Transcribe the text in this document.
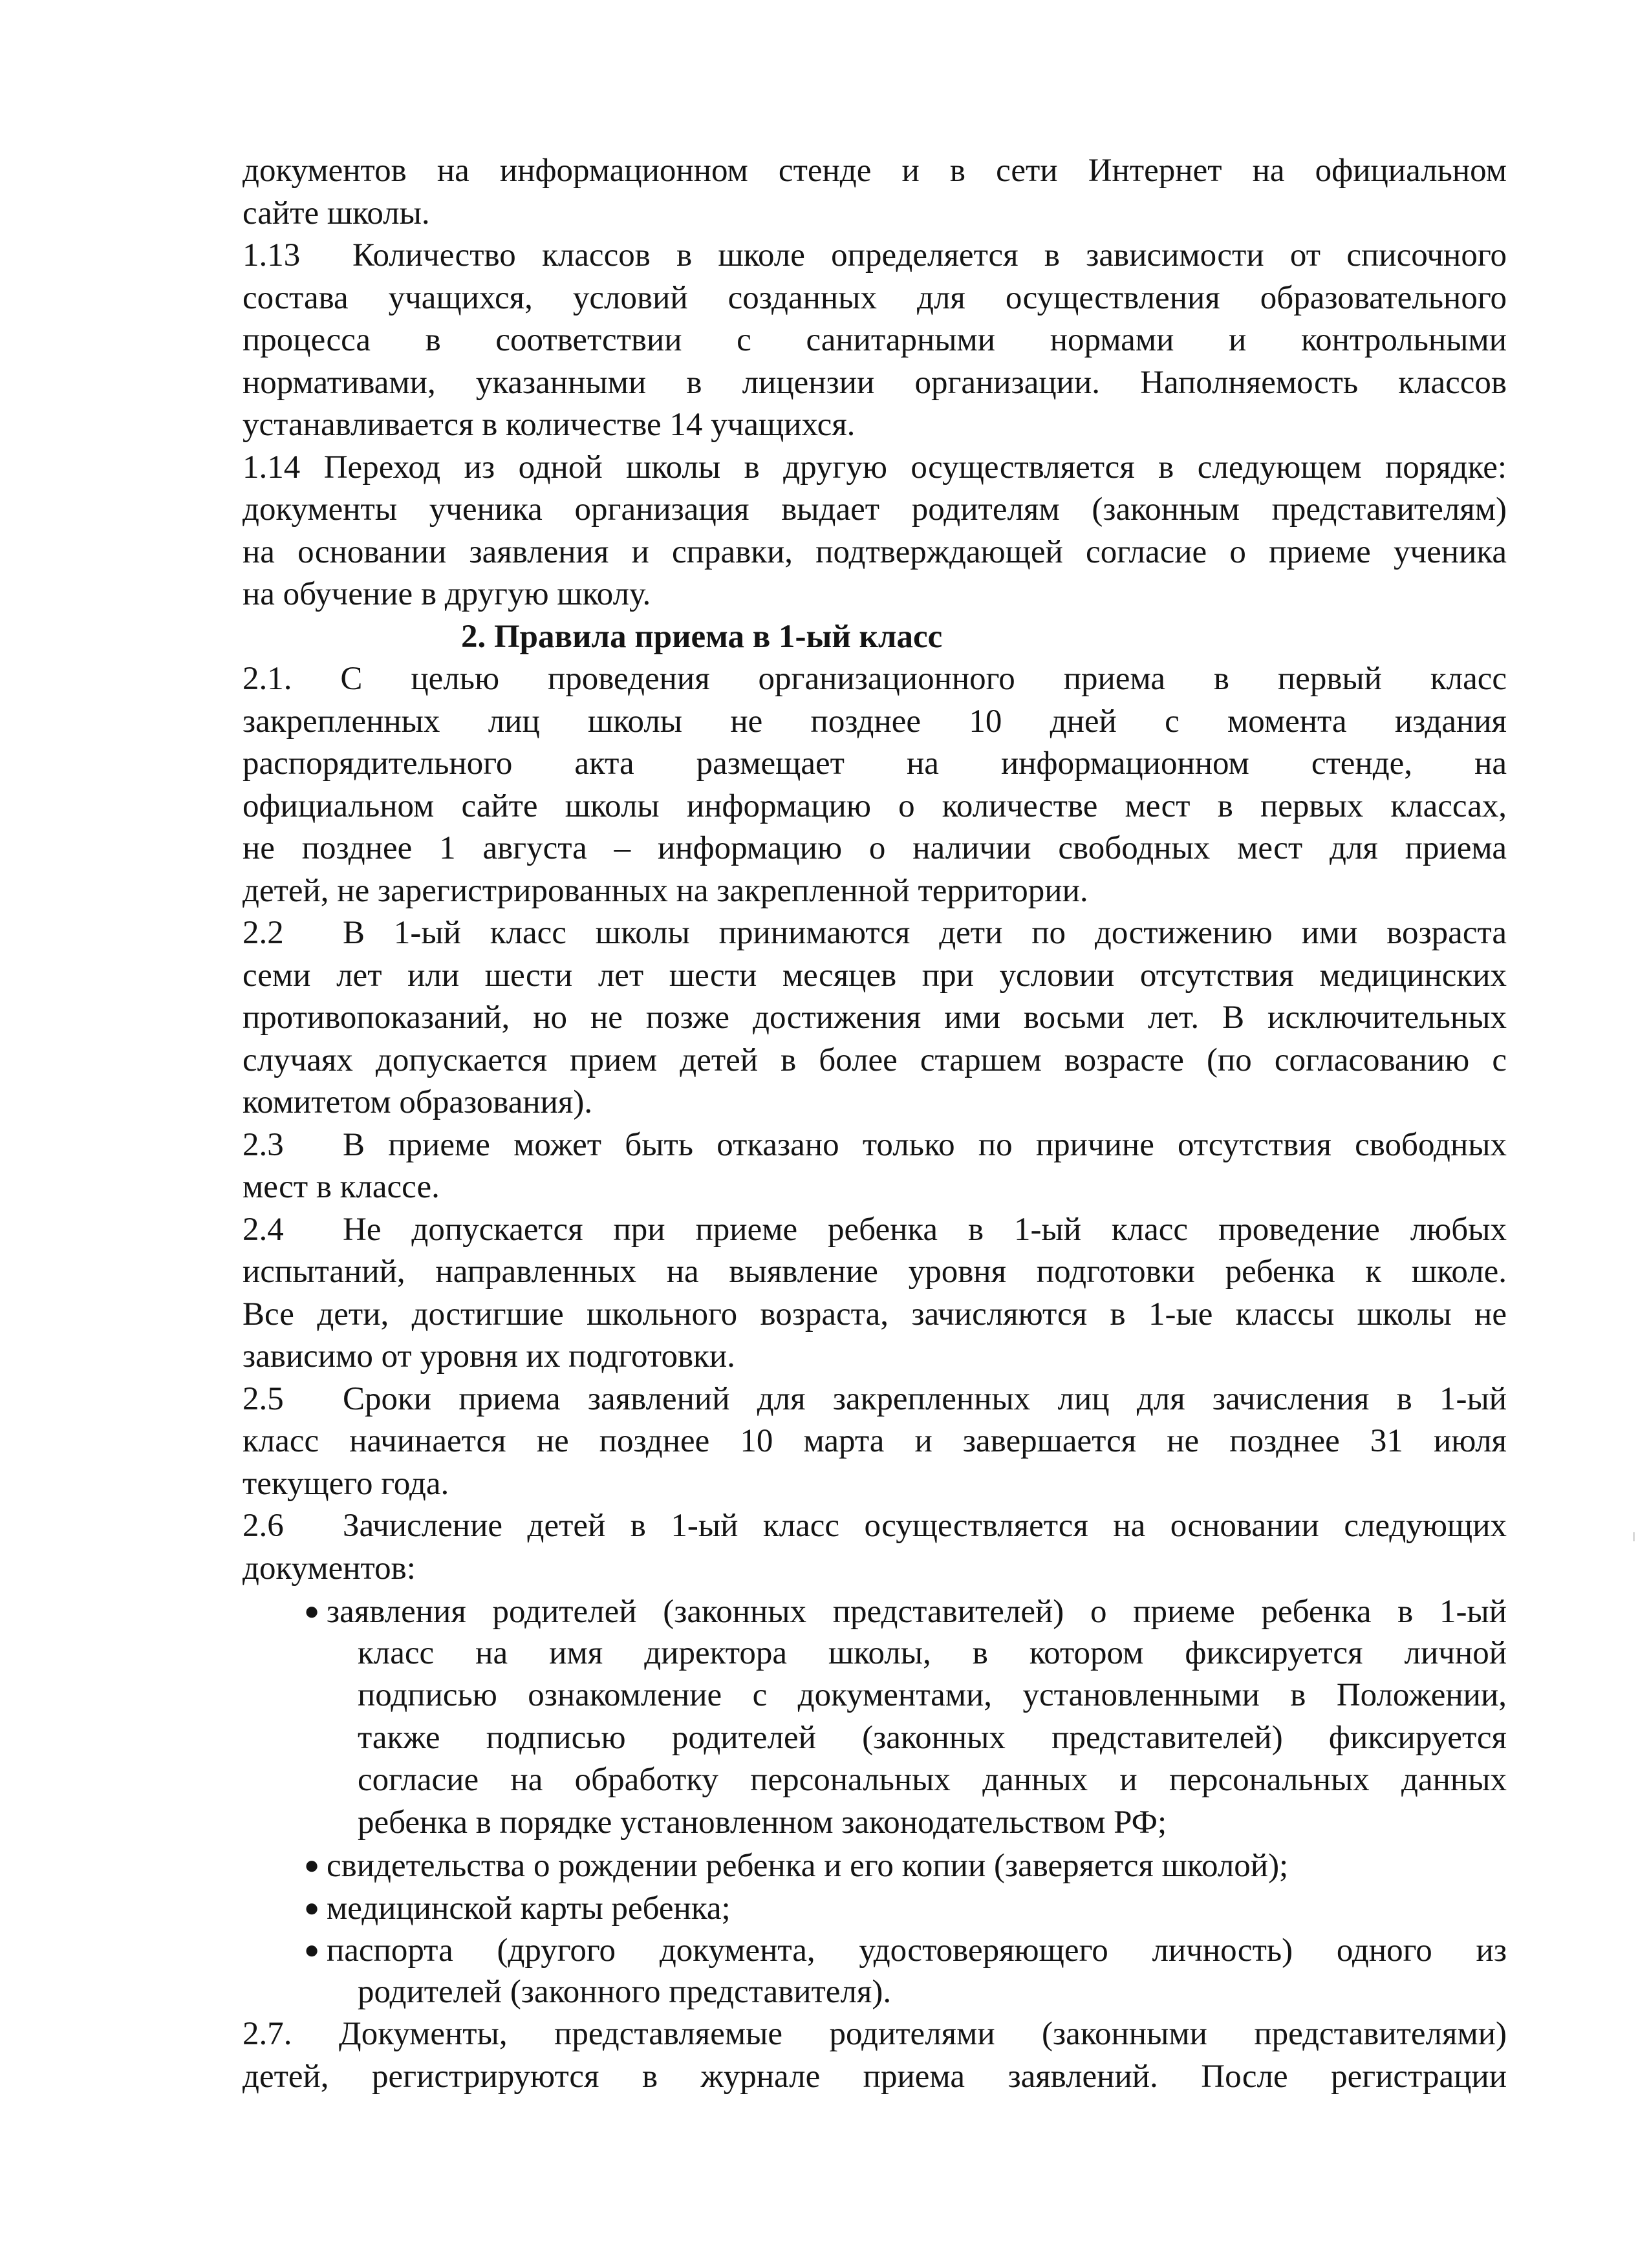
документов на информационном стенде и в сети Интернет на официальном
сайте школы.
1.13 Количество классов в школе определяется в зависимости от списочного
состава учащихся, условий созданных для осуществления образовательного
процесса в соответствии с санитарными нормами и контрольными
нормативами, указанными в лицензии организации. Наполняемость классов
устанавливается в количестве 14 учащихся.
1.14 Переход из одной школы в другую осуществляется в следующем порядке:
документы ученика организация выдает родителям (законным представителям)
на основании заявления и справки, подтверждающей согласие о приеме ученика
на обучение в другую школу.
2. Правила приема в 1-ый класс
2.1. С целью проведения организационного приема в первый класс
закрепленных лиц школы не позднее 10 дней с момента издания
распорядительного акта размещает на информационном стенде, на
официальном сайте школы информацию о количестве мест в первых классах,
не позднее 1 августа – информацию о наличии свободных мест для приема
детей, не зарегистрированных на закрепленной территории.
2.2 В 1-ый класс школы принимаются дети по достижению ими возраста
семи лет или шести лет шести месяцев при условии отсутствия медицинских
противопоказаний, но не позже достижения ими восьми лет. В исключительных
случаях допускается прием детей в более старшем возрасте (по согласованию с
комитетом образования).
2.3 В приеме может быть отказано только по причине отсутствия свободных
мест в классе.
2.4 Не допускается при приеме ребенка в 1-ый класс проведение любых
испытаний, направленных на выявление уровня подготовки ребенка к школе.
Все дети, достигшие школьного возраста, зачисляются в 1-ые классы школы не
зависимо от уровня их подготовки.
2.5 Сроки приема заявлений для закрепленных лиц для зачисления в 1-ый
класс начинается не позднее 10 марта и завершается не позднее 31 июля
текущего года.
2.6 Зачисление детей в 1-ый класс осуществляется на основании следующих
документов:
● заявления родителей (законных представителей) о приеме ребенка в 1-ый
класс на имя директора школы, в котором фиксируется личной
подписью ознакомление с документами, установленными в Положении,
также подписью родителей (законных представителей) фиксируется
согласие на обработку персональных данных и персональных данных
ребенка в порядке установленном законодательством РФ;
● свидетельства о рождении ребенка и его копии (заверяется школой);
● медицинской карты ребенка;
● паспорта (другого документа, удостоверяющего личность) одного из
родителей (законного представителя).
2.7. Документы, представляемые родителями (законными представителями)
детей, регистрируются в журнале приема заявлений. После регистрации
